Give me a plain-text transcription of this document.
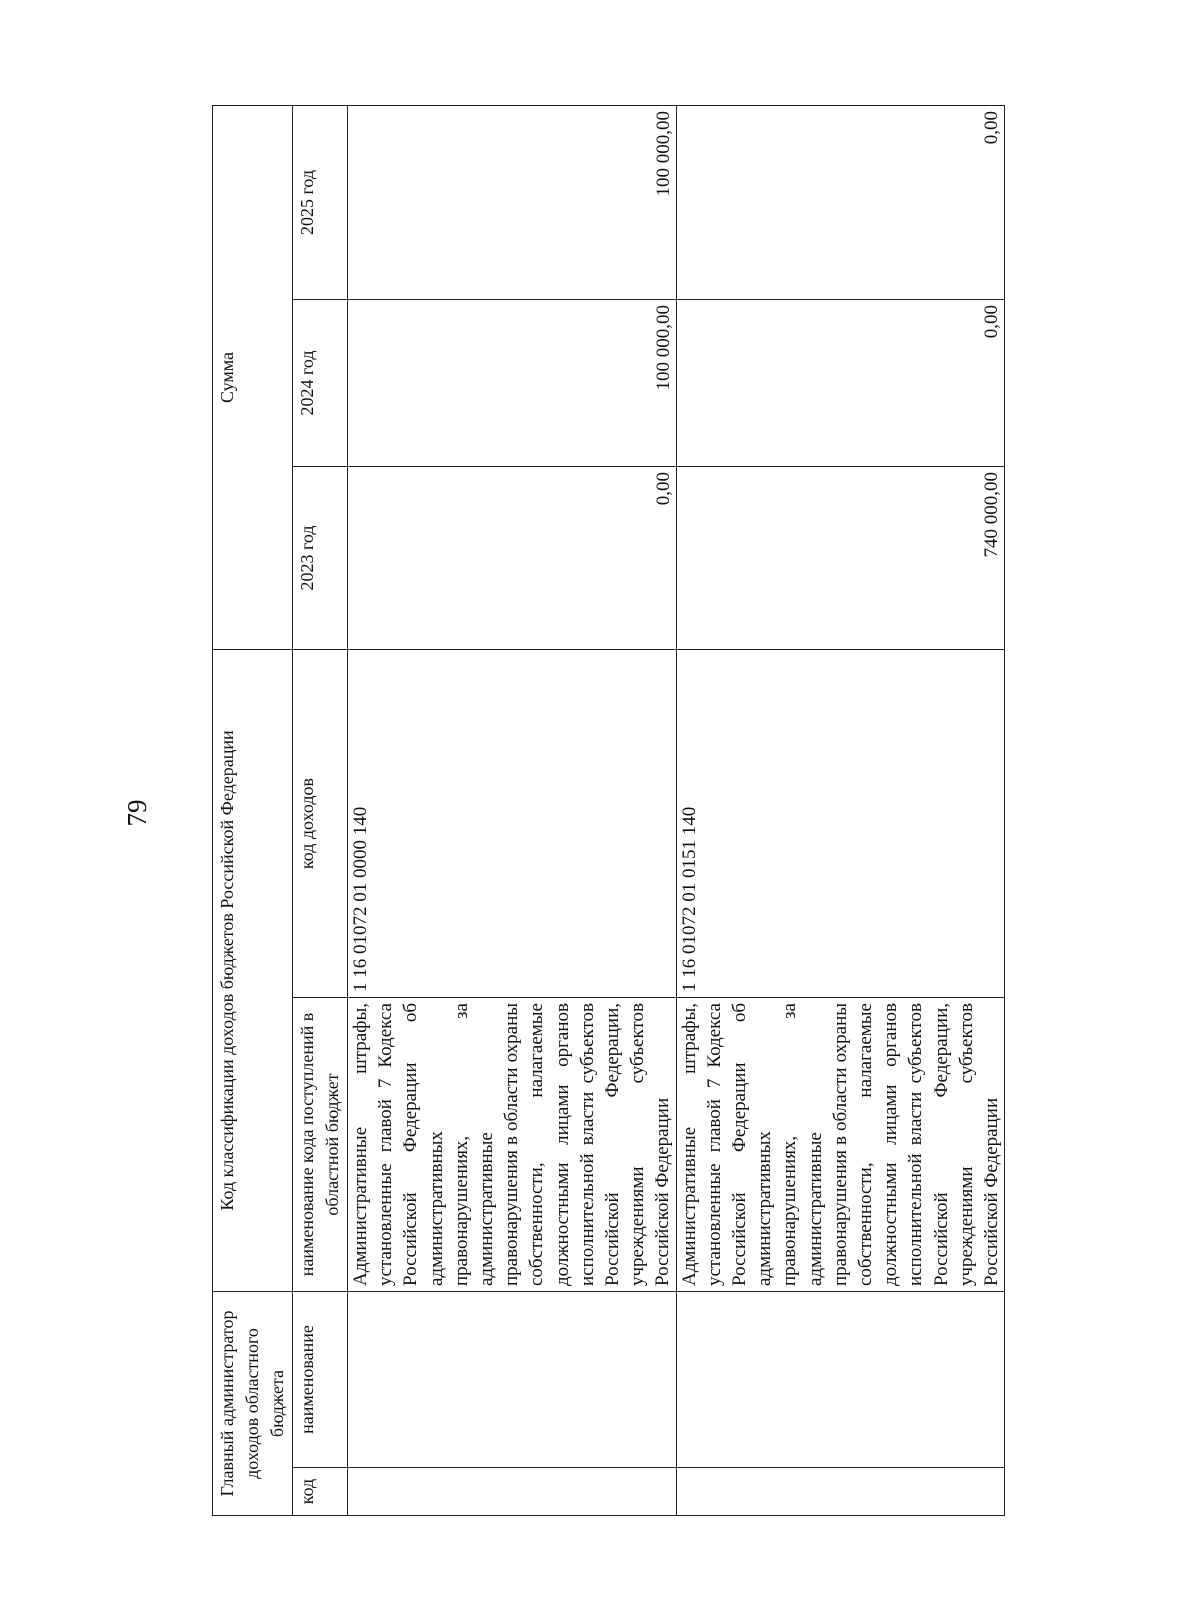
79
Главный администратор доходов областного бюджета		Код классификации доходов бюджетов Российской Федерации		Сумма		
код	наименование	наименование кода поступлений в областной бюджет	код доходов	2023 год	2024 год	2025 год
		Административные штрафы, установленные главой 7 Кодекса Российской Федерации об административных правонарушениях, за административные правонарушения в области охраны собственности, налагаемые должностными лицами органов исполнительной власти субъектов Российской Федерации, учреждениями субъектов Российской Федерации	1 16 01072 01 0000 140	0,00	100 000,00	100 000,00
		Административные штрафы, установленные главой 7 Кодекса Российской Федерации об административных правонарушениях, за административные правонарушения в области охраны собственности, налагаемые должностными лицами органов исполнительной власти субъектов Российской Федерации, учреждениями субъектов Российской Федерации	1 16 01072 01 0151 140	740 000,00	0,00	0,00
